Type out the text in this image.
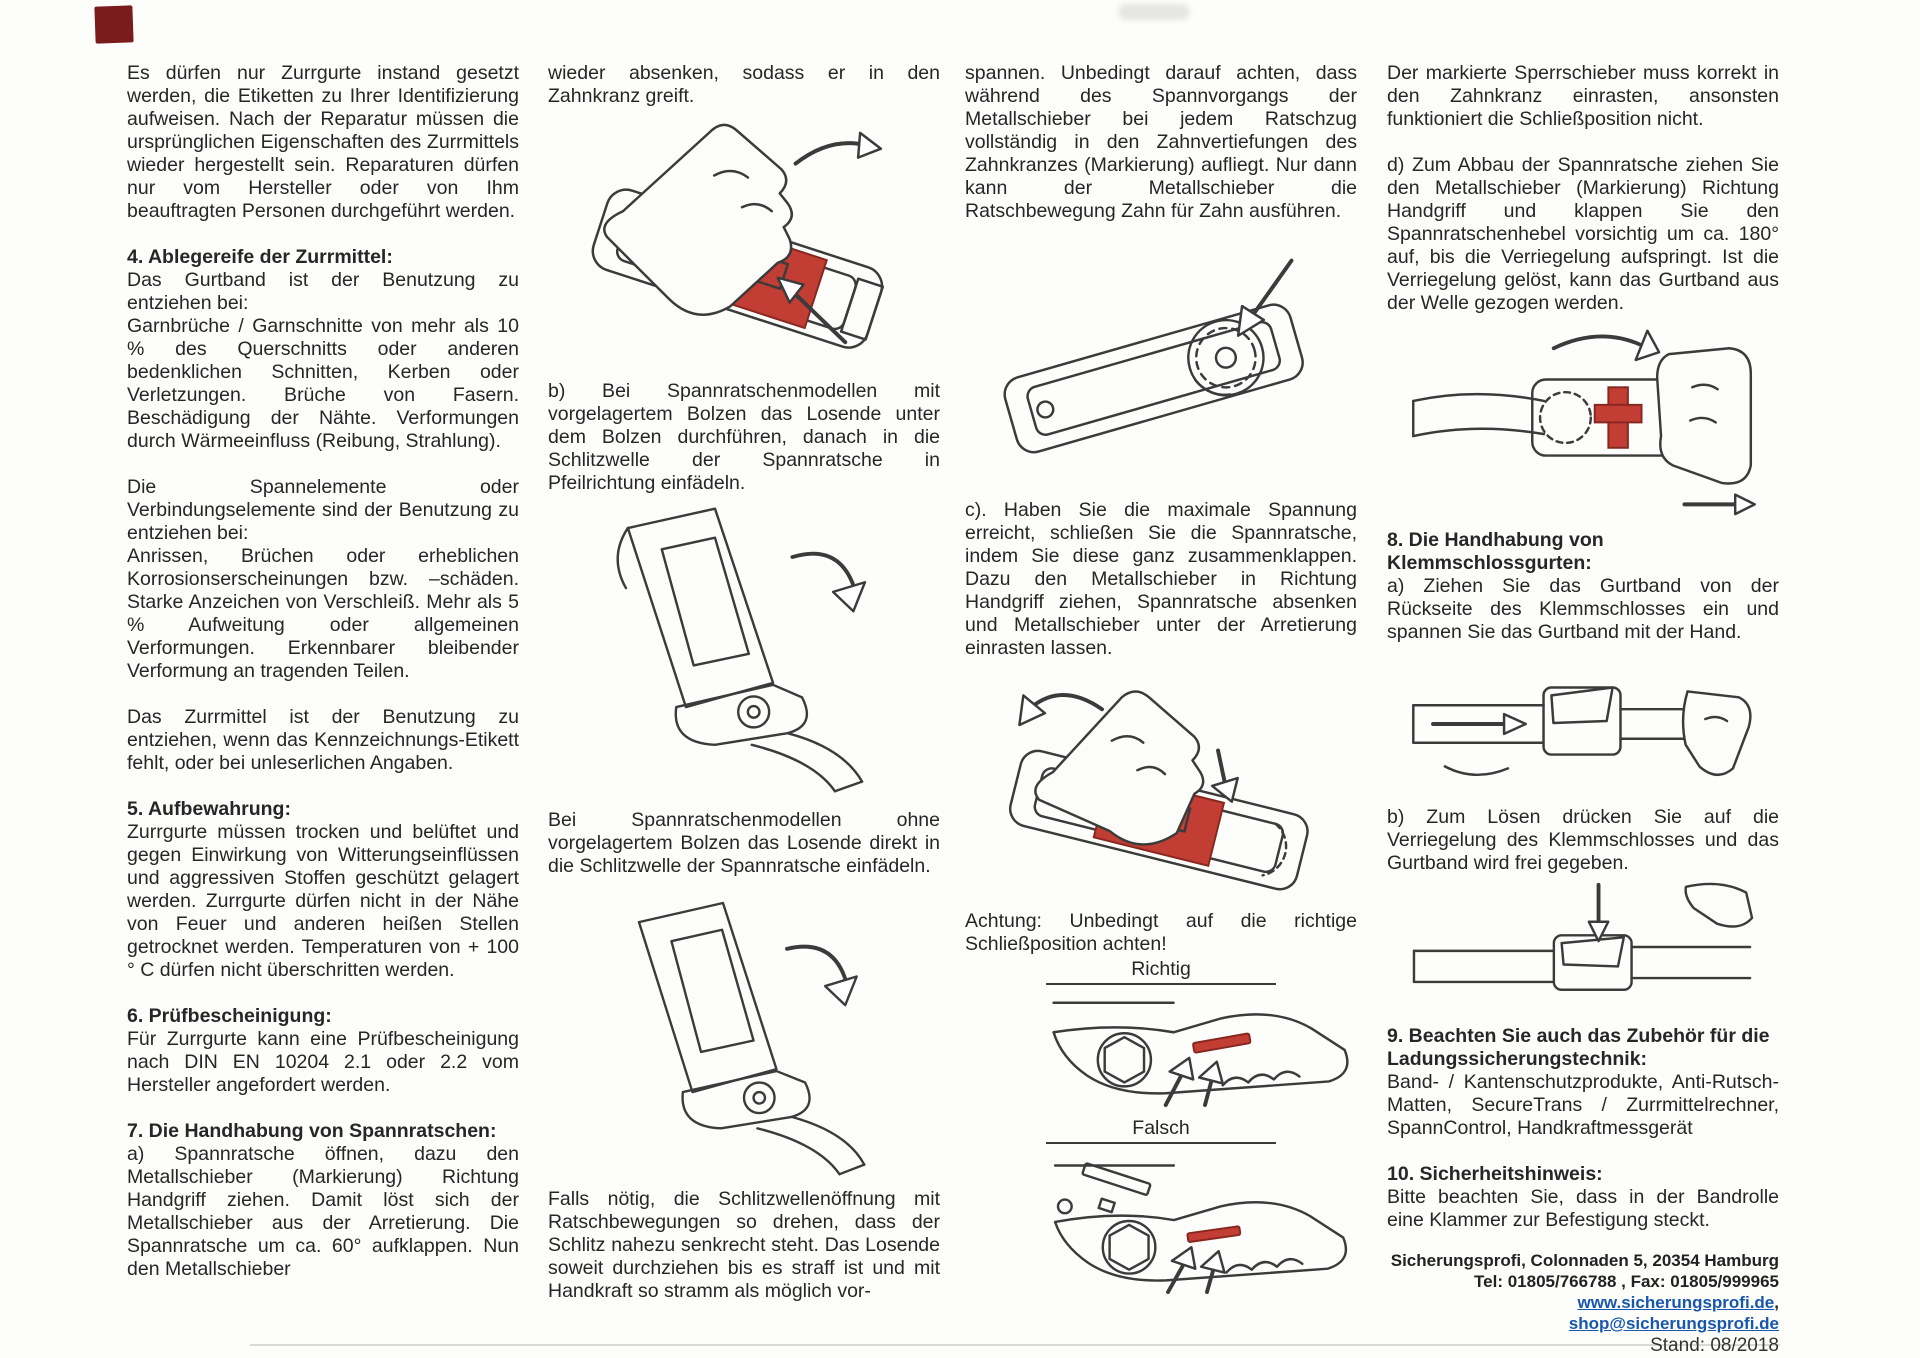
Es dürfen nur Zurrgurte instand gesetzt werden, die Etiketten zu Ihrer Identifizierung aufweisen. Nach der Reparatur müssen die ursprünglichen Eigenschaften des Zurrmittels wieder hergestellt sein. Reparaturen dürfen nur vom Hersteller oder von Ihm beauftragten Personen durchgeführt werden.

4. Ablegereife der Zurrmittel:

Das Gurtband ist der Benutzung zu entziehen bei:

Garnbrüche / Garnschnitte von mehr als 10 % des Querschnitts oder anderen bedenklichen Schnitten, Kerben oder Verletzungen. Brüche von Fasern. Beschädigung der Nähte. Verformungen durch Wärmeeinfluss (Reibung, Strahlung).

Die Spannelemente oder Verbindungselemente sind der Benutzung zu entziehen bei:

Anrissen, Brüchen oder erheblichen Korrosionserscheinungen bzw. –schäden. Starke Anzeichen von Verschleiß. Mehr als 5 % Aufweitung oder allgemeinen Verformungen. Erkennbarer bleibender Verformung an tragenden Teilen.

Das Zurrmittel ist der Benutzung zu entziehen, wenn das Kennzeichnungs-Etikett fehlt, oder bei unleserlichen Angaben.

5. Aufbewahrung:

Zurrgurte müssen trocken und belüftet und gegen Einwirkung von Witterungseinflüssen und aggressiven Stoffen geschützt gelagert werden. Zurrgurte dürfen nicht in der Nähe von Feuer und anderen heißen Stellen getrocknet werden. Temperaturen von + 100 ° C dürfen nicht überschritten werden.

6. Prüfbescheinigung:

Für Zurrgurte kann eine Prüfbescheinigung nach DIN EN 10204 2.1 oder 2.2 vom Hersteller angefordert werden.

7. Die Handhabung von Spannratschen:

a) Spannratsche öffnen, dazu den Metallschieber (Markierung) Richtung Handgriff ziehen. Damit löst sich der Metallschieber aus der Arretierung. Die Spannratsche um ca. 60° aufklappen. Nun den Metallschieber

wieder absenken, sodass er in den Zahnkranz greift.

b) Bei Spannratschenmodellen mit vorgelagertem Bolzen das Losende unter dem Bolzen durchführen, danach in die Schlitzwelle der Spannratsche in Pfeilrichtung einfädeln.

Bei Spannratschenmodellen ohne vorgelagertem Bolzen das Losende direkt in die Schlitzwelle der Spannratsche einfädeln.

Falls nötig, die Schlitzwellenöffnung mit Ratschbewegungen so drehen, dass der Schlitz nahezu senkrecht steht. Das Losende soweit durchziehen bis es straff ist und mit Handkraft so stramm als möglich vor-

spannen. Unbedingt darauf achten, dass während des Spannvorgangs der Metallschieber bei jedem Ratschzug vollständig in den Zahnvertiefungen des Zahnkranzes (Markierung) aufliegt. Nur dann kann der Metallschieber die Ratschbewegung Zahn für Zahn ausführen.

c). Haben Sie die maximale Spannung erreicht, schließen Sie die Spannratsche, indem Sie diese ganz zusammenklappen. Dazu den Metallschieber in Richtung Handgriff ziehen, Spannratsche absenken und Metallschieber unter der Arretierung einrasten lassen.

Achtung: Unbedingt auf die richtige Schließposition achten!

Richtig
Falsch

Der markierte Sperrschieber muss korrekt in den Zahnkranz einrasten, ansonsten funktioniert die Schließposition nicht.

d) Zum Abbau der Spannratsche ziehen Sie den Metallschieber (Markierung) Richtung Handgriff und klappen Sie den Spannratschenhebel vorsichtig um ca. 180° auf, bis die Verriegelung aufspringt. Ist die Verriegelung gelöst, kann das Gurtband aus der Welle gezogen werden.

8. Die Handhabung von Klemmschlossgurten:

a) Ziehen Sie das Gurtband von der Rückseite des Klemmschlosses ein und spannen Sie das Gurtband mit der Hand.

b) Zum Lösen drücken Sie auf die Verriegelung des Klemmschlosses und das Gurtband wird frei gegeben.

9. Beachten Sie auch das Zubehör für die Ladungssicherungstechnik:

Band- / Kantenschutzprodukte, Anti-Rutsch-Matten, SecureTrans / Zurrmittelrechner, SpannControl, Handkraftmessgerät

10. Sicherheitshinweis:

Bitte beachten Sie, dass in der Bandrolle eine Klammer zur Befestigung steckt.

Sicherungsprofi, Colonnaden 5, 20354 Hamburg
Tel: 01805/766788 , Fax: 01805/999965
www.sicherungsprofi.de, shop@sicherungsprofi.de
Stand: 08/2018
